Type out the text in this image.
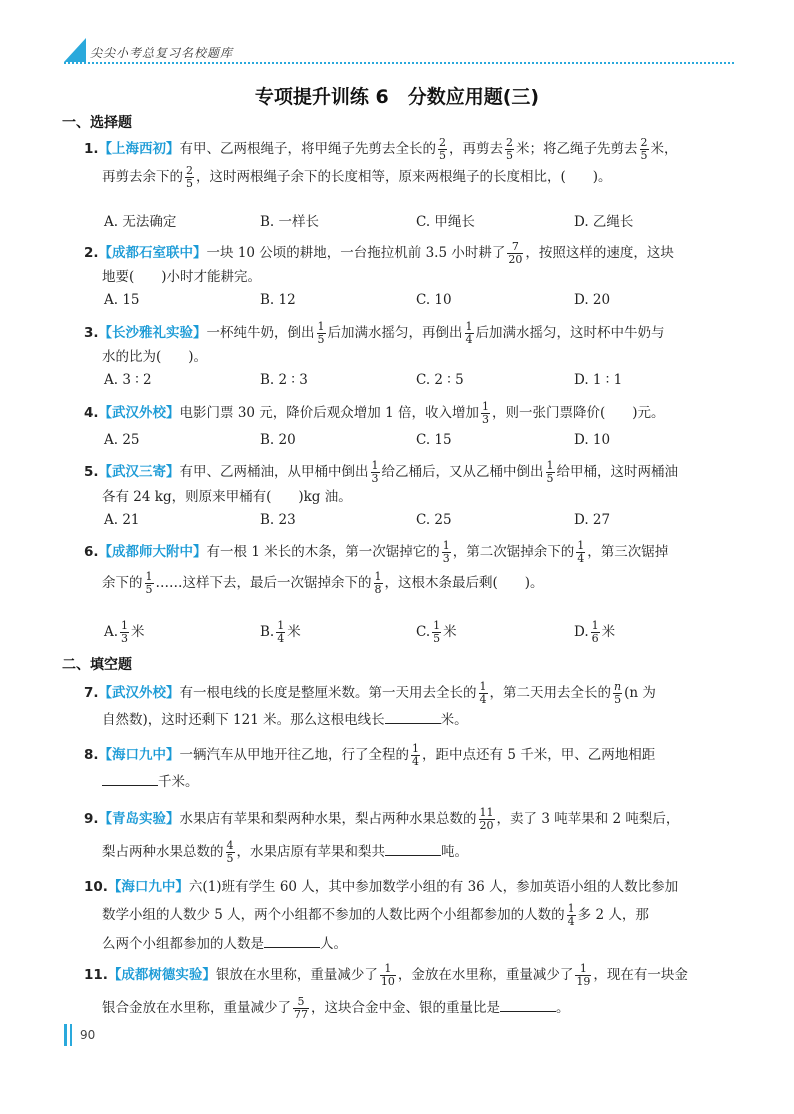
尖尖小考总复习名校题库
专项提升训练 6　分数应用题(三)
一、选择题
1.【上海西初】有甲、乙两根绳子，将甲绳子先剪去全长的 $\frac{2}{5}$ ，再剪去 $\frac{2}{5}$ 米；将乙绳子先剪去 $\frac{2}{5}$ 米，
再剪去余下的 $\frac{2}{5}$ ，这时两根绳子余下的长度相等，原来两根绳子的长度相比，(　　)。
A. 无法确定	B. 一样长	C. 甲绳长	D. 乙绳长
2.【成都石室联中】一块 10 公顷的耕地，一台拖拉机前 3.5 小时耕了 $\frac{7}{20}$ ，按照这样的速度，这块
地要(　　)小时才能耕完。
A. 15	B. 12	C. 10	D. 20
3.【长沙雅礼实验】一杯纯牛奶，倒出 $\frac{1}{5}$ 后加满水摇匀，再倒出 $\frac{1}{4}$ 后加满水摇匀，这时杯中牛奶与
水的比为(　　)。
A. 3 ∶ 2	B. 2 ∶ 3	C. 2 ∶ 5	D. 1 ∶ 1
4.【武汉外校】电影门票 30 元，降价后观众增加 1 倍，收入增加 $\frac{1}{3}$ ，则一张门票降价(　　)元。
A. 25	B. 20	C. 15	D. 10
5.【武汉三寄】有甲、乙两桶油，从甲桶中倒出 $\frac{1}{3}$ 给乙桶后，又从乙桶中倒出 $\frac{1}{5}$ 给甲桶，这时两桶油
各有 24 kg，则原来甲桶有(　　)kg 油。
A. 21	B. 23	C. 25	D. 27
6.【成都师大附中】有一根 1 米长的木条，第一次锯掉它的 $\frac{1}{3}$ ，第二次锯掉余下的 $\frac{1}{4}$ ，第三次锯掉
余下的 $\frac{1}{5}$ ……这样下去，最后一次锯掉余下的 $\frac{1}{8}$ ，这根木条最后剩(　　)。
A. $\frac{1}{3}$ 米	B. $\frac{1}{4}$ 米	C. $\frac{1}{5}$ 米	D. $\frac{1}{6}$ 米
二、填空题
7.【武汉外校】有一根电线的长度是整厘米数。第一天用去全长的 $\frac{1}{4}$ ，第二天用去全长的 $\frac{n}{5} (n$ 为
自然数)，这时还剩下 121 米。那么这根电线长	米。
8.【海口九中】一辆汽车从甲地开往乙地，行了全程的 $\frac{1}{4}$ ，距中点还有 5 千米，甲、乙两地相距
千米。
9.【青岛实验】水果店有苹果和梨两种水果，梨占两种水果总数的 $\frac{11}{20}$ ，卖了 3 吨苹果和 2 吨梨后，
梨占两种水果总数的 $\frac{4}{5}$ ，水果店原有苹果和梨共	吨。
10.【海口九中】六(1)班有学生 60 人，其中参加数学小组的有 36 人，参加英语小组的人数比参加
数学小组的人数少 5 人，两个小组都不参加的人数比两个小组都参加的人数的 $\frac{1}{4}$ 多 2 人，那
么两个小组都参加的人数是	人。
11.【成都树德实验】银放在水里称，重量减少了 $\frac{1}{10}$ ，金放在水里称，重量减少了 $\frac{1}{19}$ ，现在有一块金
银合金放在水里称，重量减少了 $\frac{5}{77}$ ，这块合金中金、银的重量比是	。
90
